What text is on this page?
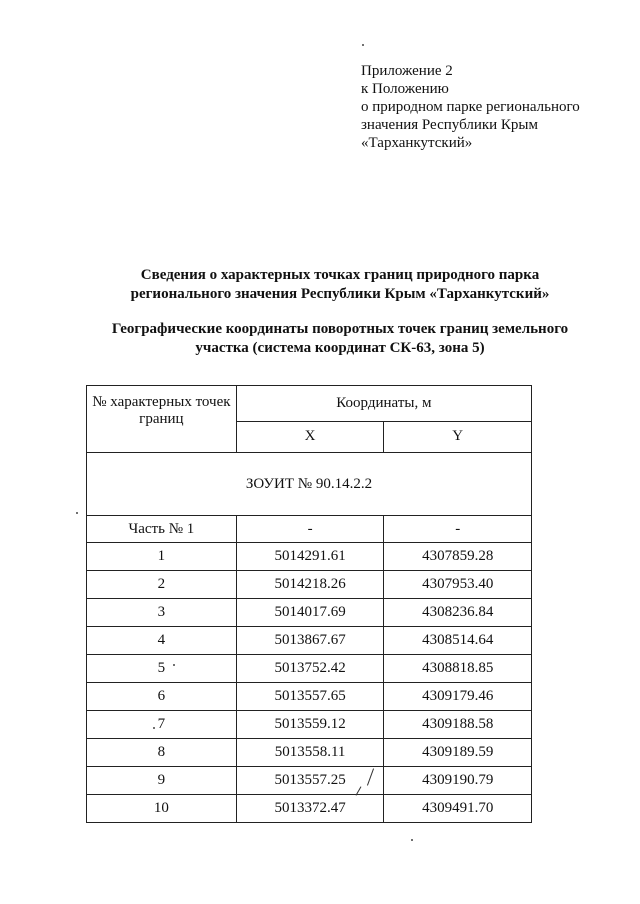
Приложение 2
к Положению
о природном парке регионального
значения Республики Крым
«Тарханкутский»
Сведения о характерных точках границ природного парка
регионального значения Республики Крым «Тарханкутский»
Географические координаты поворотных точек границ земельного
участка (система координат СК-63, зона 5)
№ характерных точек границ	Координаты, м	
	X	Y
ЗОУИТ № 90.14.2.2		
Часть № 1	-	-
1	5014291.61	4307859.28
2	5014218.26	4307953.40
3	5014017.69	4308236.84
4	5013867.67	4308514.64
5	5013752.42	4308818.85
6	5013557.65	4309179.46
7	5013559.12	4309188.58
8	5013558.11	4309189.59
9	5013557.25	4309190.79
10	5013372.47	4309491.70
